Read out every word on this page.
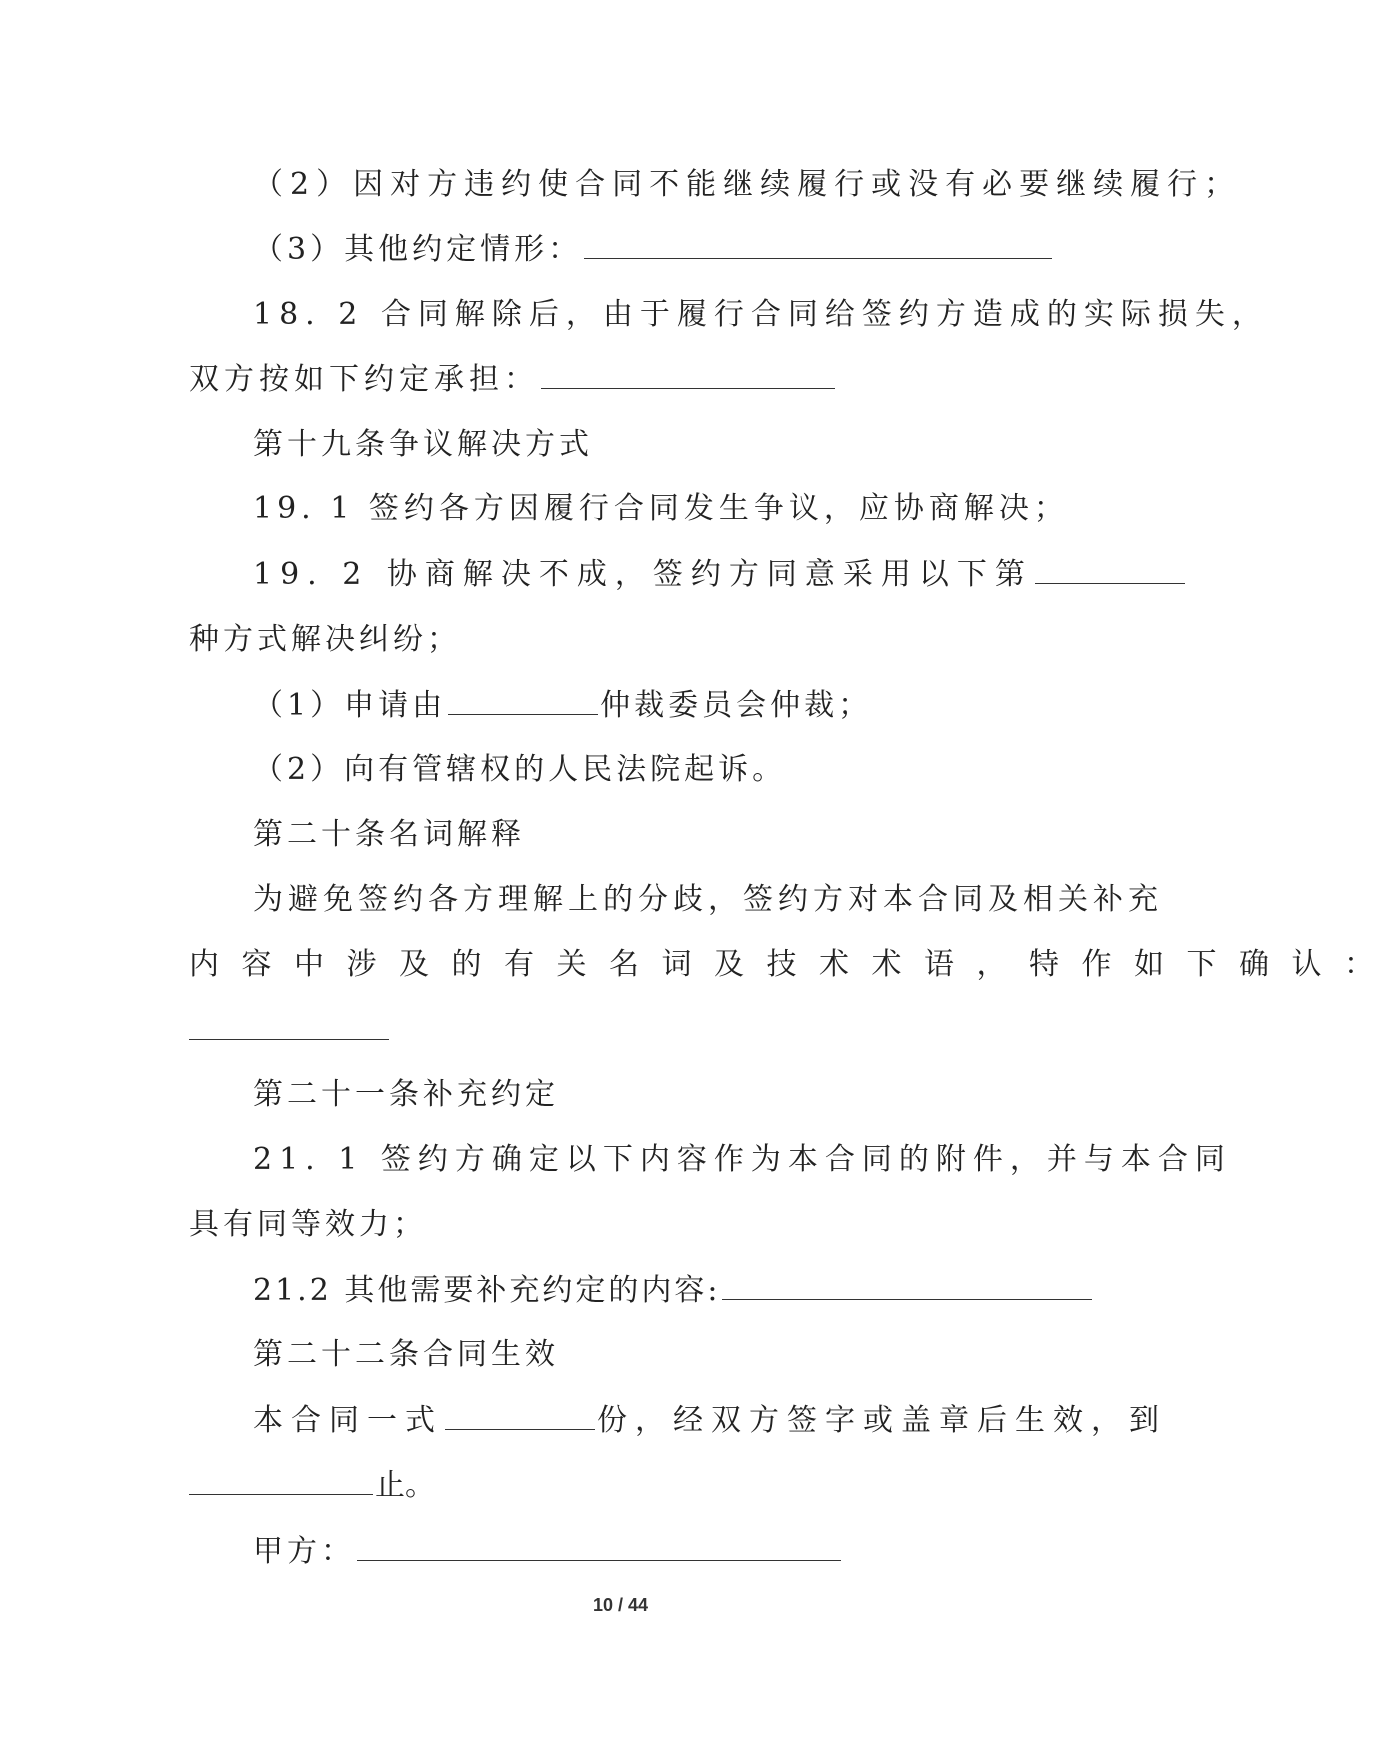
（2）因对方违约使合同不能继续履行或没有必要继续履行；

（3）其他约定情形：

18. 2 合同解除后，由于履行合同给签约方造成的实际损失，

双方按如下约定承担：

第十九条争议解决方式

19. 1 签约各方因履行合同发生争议，应协商解决；

19. 2 协商解决不成，签约方同意采用以下第

种方式解决纠纷；

（1）申请由	仲裁委员会仲裁；

（2）向有管辖权的人民法院起诉。

第二十条名词解释

为避免签约各方理解上的分歧，签约方对本合同及相关补充

内容中涉及的有关名词及技术术语，特作如下确认：

第二十一条补充约定

21. 1 签约方确定以下内容作为本合同的附件，并与本合同

具有同等效力；

21.2 其他需要补充约定的内容:

第二十二条合同生效

本合同一式	份，经双方签字或盖章后生效，到

止。

甲方：

10 / 44
